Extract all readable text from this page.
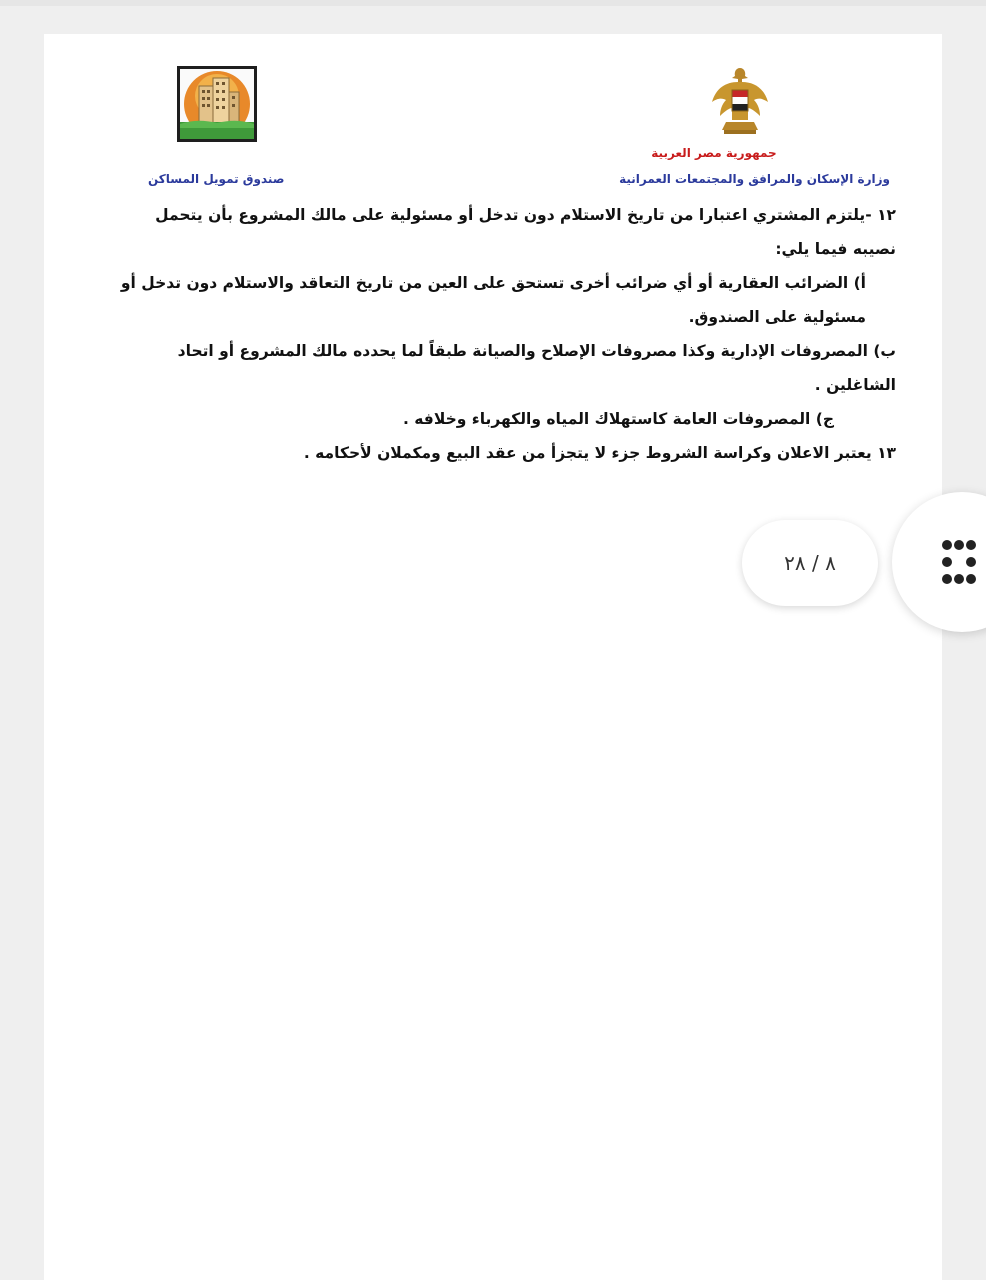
جمهورية مصر العربية
وزارة الإسكان والمرافق والمجتمعات العمرانية
صندوق تمويل المساكن

١٢ -يلتزم المشتري اعتبارا من تاريخ الاستلام دون تدخل أو مسئولية على مالك المشروع بأن يتحمل نصيبه فيما يلي:

أ) الضرائب العقارية أو أي ضرائب أخرى تستحق على العين من تاريخ التعاقد والاستلام دون تدخل أو مسئولية على الصندوق.

ب) المصروفات الإدارية وكذا مصروفات الإصلاح والصيانة طبقاً لما يحدده مالك المشروع أو اتحاد الشاغلين .

ج) المصروفات العامة كاستهلاك المياه والكهرباء وخلافه .

١٣ يعتبر الاعلان وكراسة الشروط جزء لا يتجزأ من عقد البيع ومكملان لأحكامه .

٨ / ٢٨
